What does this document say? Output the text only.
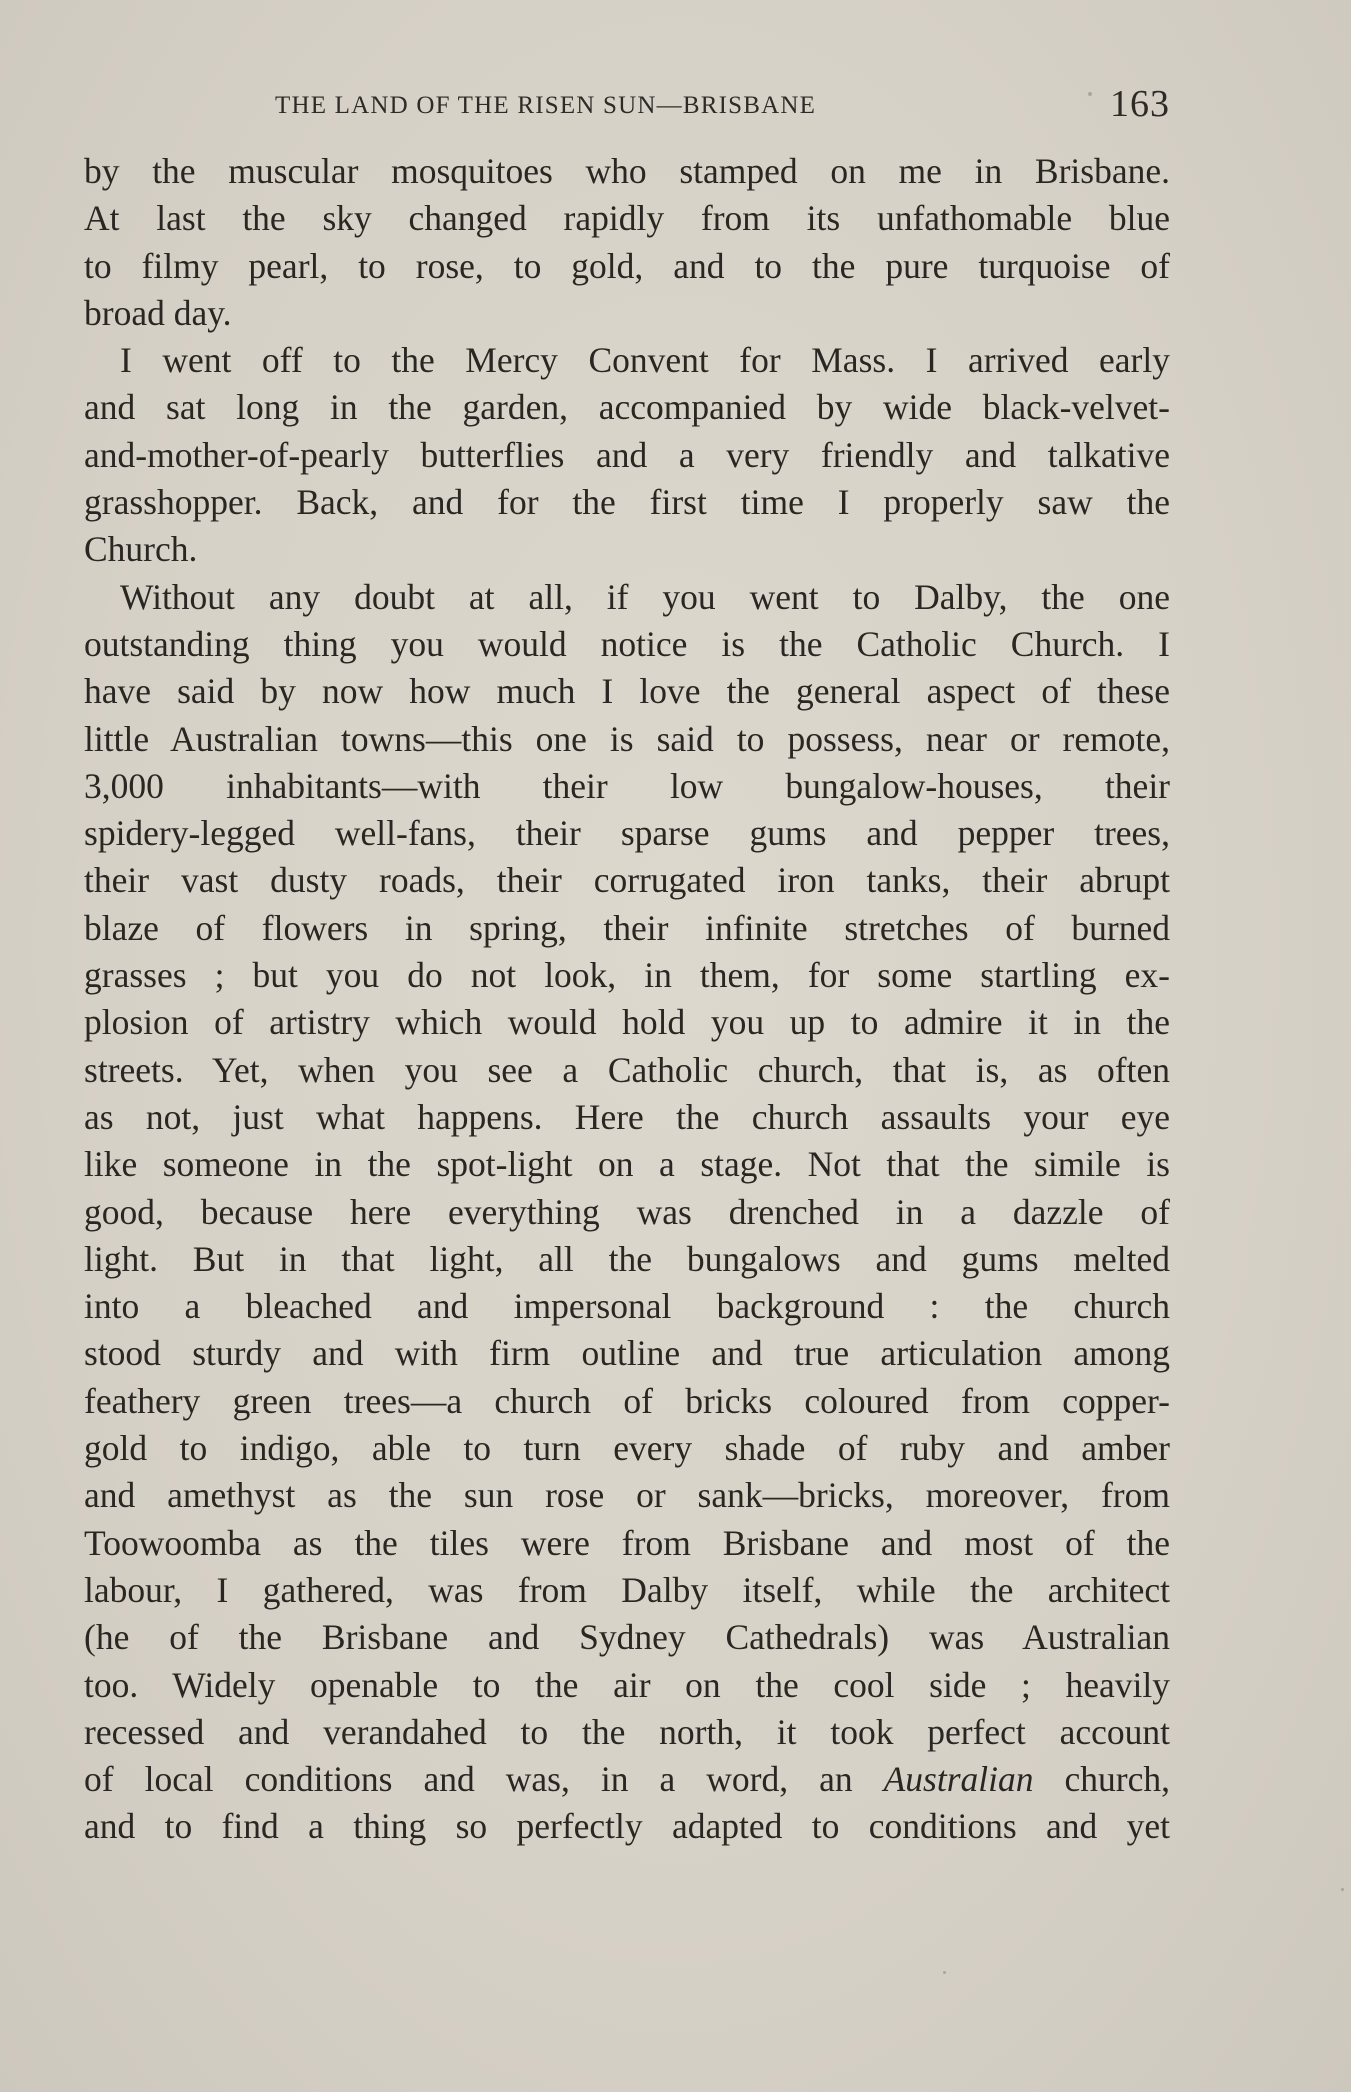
THE LAND OF THE RISEN SUN—BRISBANE	163
by the muscular mosquitoes who stamped on me in Brisbane.
At last the sky changed rapidly from its unfathomable blue
to filmy pearl, to rose, to gold, and to the pure turquoise of
broad day.
I went off to the Mercy Convent for Mass. I arrived early
and sat long in the garden, accompanied by wide black-velvet-
and-mother-of-pearly butterflies and a very friendly and talkative
grasshopper. Back, and for the first time I properly saw the
Church.
Without any doubt at all, if you went to Dalby, the one
outstanding thing you would notice is the Catholic Church. I
have said by now how much I love the general aspect of these
little Australian towns—this one is said to possess, near or remote,
3,000 inhabitants—with their low bungalow-houses, their
spidery-legged well-fans, their sparse gums and pepper trees,
their vast dusty roads, their corrugated iron tanks, their abrupt
blaze of flowers in spring, their infinite stretches of burned
grasses ; but you do not look, in them, for some startling ex-
plosion of artistry which would hold you up to admire it in the
streets. Yet, when you see a Catholic church, that is, as often
as not, just what happens. Here the church assaults your eye
like someone in the spot-light on a stage. Not that the simile is
good, because here everything was drenched in a dazzle of
light. But in that light, all the bungalows and gums melted
into a bleached and impersonal background : the church
stood sturdy and with firm outline and true articulation among
feathery green trees—a church of bricks coloured from copper-
gold to indigo, able to turn every shade of ruby and amber
and amethyst as the sun rose or sank—bricks, moreover, from
Toowoomba as the tiles were from Brisbane and most of the
labour, I gathered, was from Dalby itself, while the architect
(he of the Brisbane and Sydney Cathedrals) was Australian
too. Widely openable to the air on the cool side ; heavily
recessed and verandahed to the north, it took perfect account
of local conditions and was, in a word, an Australian church,
and to find a thing so perfectly adapted to conditions and yet
